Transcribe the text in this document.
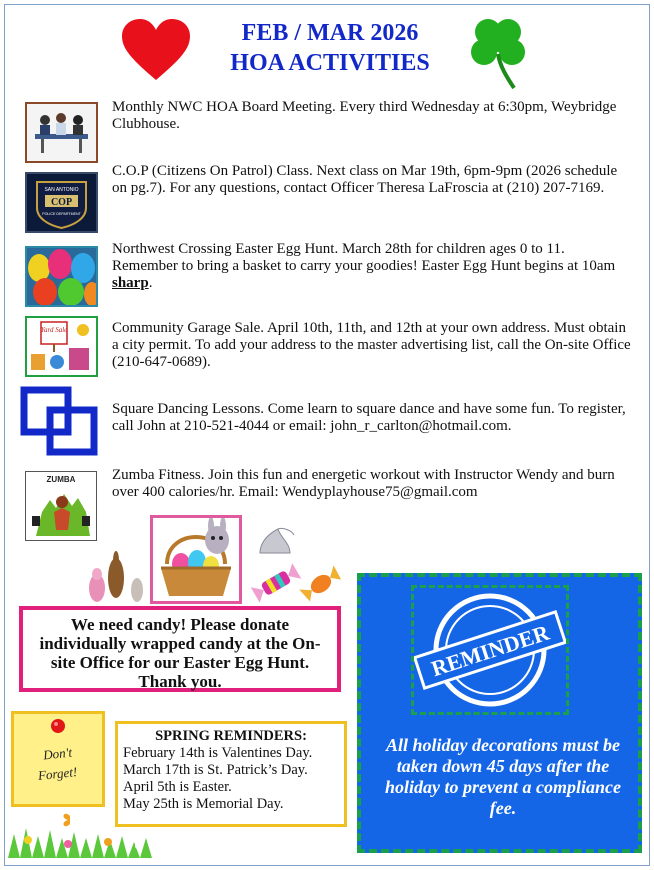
FEB / MAR 2026
HOA ACTIVITIES
Monthly NWC HOA Board Meeting. Every third Wednesday at 6:30pm, Weybridge Clubhouse.
SAN ANTONIO
COP
POLICE DEPARTMENT
C.O.P (Citizens On Patrol) Class. Next class on Mar 19th, 6pm-9pm (2026 schedule on pg.7). For any questions, contact Officer Theresa LaFroscia at (210) 207-7169.
Northwest Crossing Easter Egg Hunt. March 28th for children ages 0 to 11. Remember to bring a basket to carry your goodies! Easter Egg Hunt begins at 10am sharp.
Yard Sale	Community Garage Sale. April 10th, 11th, and 12th at your own address. Must obtain a city permit. To add your address to the master advertising list, call the On-site Office (210-647-0689).
Square Dancing Lessons. Come learn to square dance and have some fun. To register, call John at 210-521-4044 or email: john_r_carlton@hotmail.com.
ZUMBA Zumba Fitness. Join this fun and energetic workout with Instructor Wendy and burn over 400 calories/hr. Email: Wendyplayhouse75@gmail.com
We need candy! Please donate individually wrapped candy at the On-site Office for our Easter Egg Hunt. Thank you.
Don't
Forget!
SPRING REMINDERS:
February 14th is Valentines Day.
March 17th is St. Patrick’s Day.
April 5th is Easter.
May 25th is Memorial Day.
REMINDER
All holiday decorations must be taken down 45 days after the holiday to prevent a compliance fee.
